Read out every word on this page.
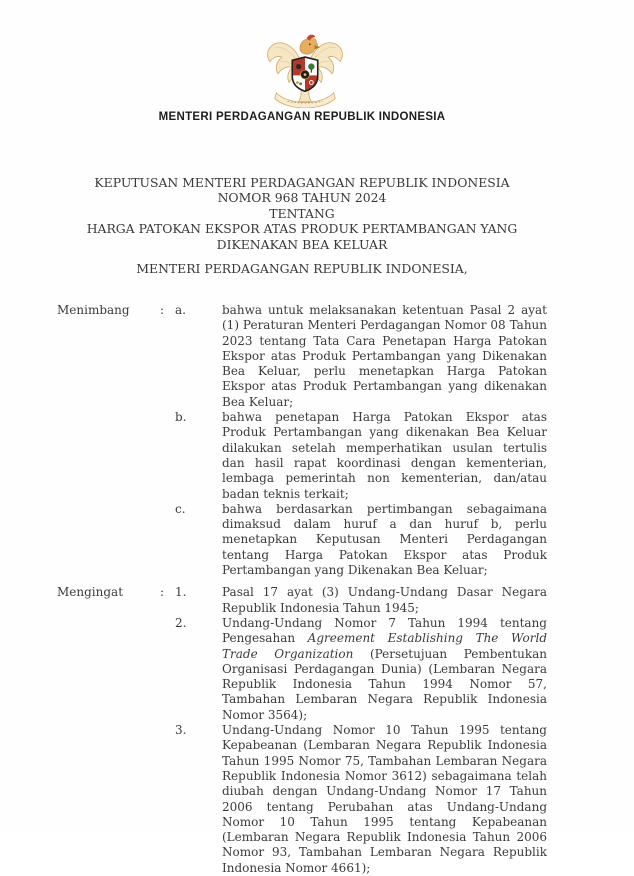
MENTERI PERDAGANGAN REPUBLIK INDONESIA
KEPUTUSAN MENTERI PERDAGANGAN REPUBLIK INDONESIA
NOMOR 968 TAHUN 2024
TENTANG
HARGA PATOKAN EKSPOR ATAS PRODUK PERTAMBANGAN YANG
DIKENAKAN BEA KELUAR
MENTERI PERDAGANGAN REPUBLIK INDONESIA,
Menimbang	: a.	bahwa untuk melaksanakan ketentuan Pasal 2 ayat (1) Peraturan Menteri Perdagangan Nomor 08 Tahun 2023 tentang Tata Cara Penetapan Harga Patokan Ekspor atas Produk Pertambangan yang Dikenakan Bea Keluar, perlu menetapkan Harga Patokan Ekspor atas Produk Pertambangan yang dikenakan Bea Keluar;
b.	bahwa penetapan Harga Patokan Ekspor atas Produk Pertambangan yang dikenakan Bea Keluar dilakukan setelah memperhatikan usulan tertulis dan hasil rapat koordinasi dengan kementerian, lembaga pemerintah non kementerian, dan/atau badan teknis terkait;
c.	bahwa berdasarkan pertimbangan sebagaimana dimaksud dalam huruf a dan huruf b, perlu menetapkan Keputusan Menteri Perdagangan tentang Harga Patokan Ekspor atas Produk Pertambangan yang Dikenakan Bea Keluar;
Mengingat	: 1.	Pasal 17 ayat (3) Undang-Undang Dasar Negara Republik Indonesia Tahun 1945;
2.	Undang-Undang Nomor 7 Tahun 1994 tentang Pengesahan Agreement Establishing The World Trade Organization (Persetujuan Pembentukan Organisasi Perdagangan Dunia) (Lembaran Negara Republik Indonesia Tahun 1994 Nomor 57, Tambahan Lembaran Negara Republik Indonesia Nomor 3564);
3.	Undang-Undang Nomor 10 Tahun 1995 tentang Kepabeanan (Lembaran Negara Republik Indonesia Tahun 1995 Nomor 75, Tambahan Lembaran Negara Republik Indonesia Nomor 3612) sebagaimana telah diubah dengan Undang-Undang Nomor 17 Tahun 2006 tentang Perubahan atas Undang-Undang Nomor 10 Tahun 1995 tentang Kepabeanan (Lembaran Negara Republik Indonesia Tahun 2006 Nomor 93, Tambahan Lembaran Negara Republik Indonesia Nomor 4661);
